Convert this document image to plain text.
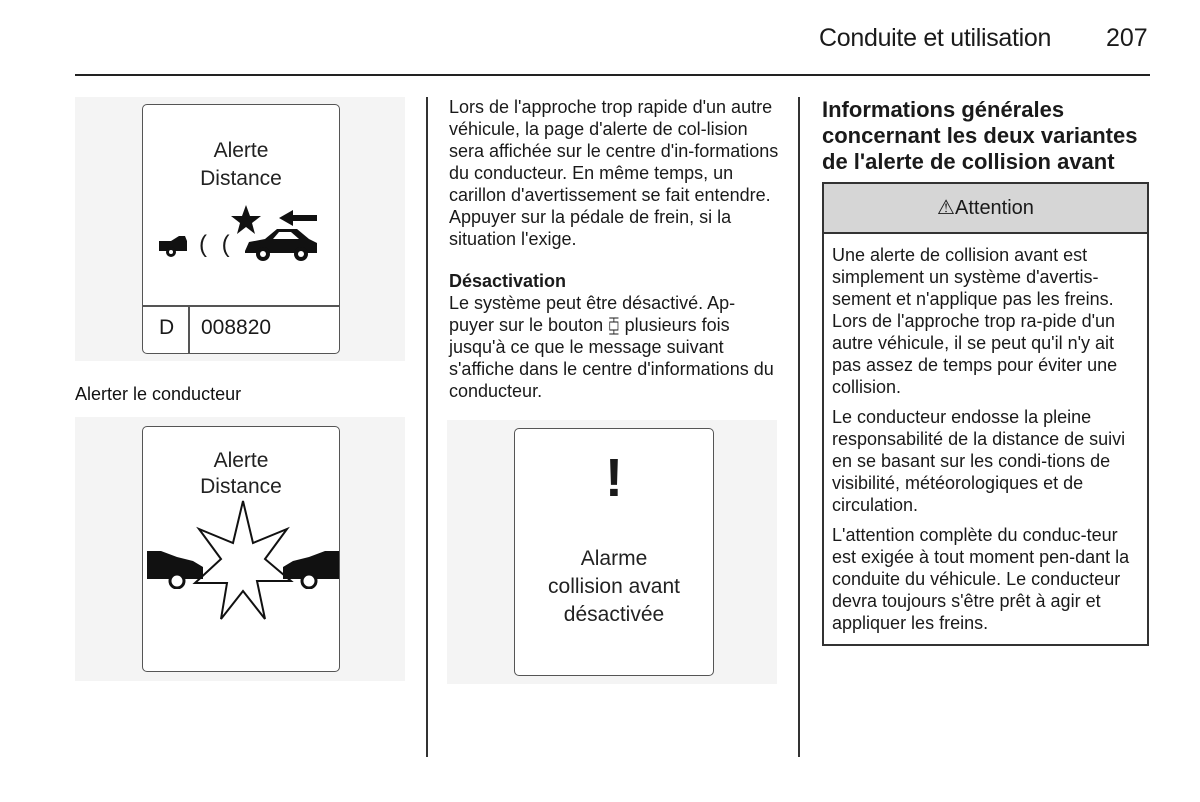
Conduite et utilisation 207
Alerte
Distance
( (
D 008820
Alerter le conducteur
Alerte
Distance
Lors de l'approche trop rapide d'un autre véhicule, la page d'alerte de col-lision sera affichée sur le centre d'in-formations du conducteur. En même temps, un carillon d'avertissement se fait entendre. Appuyer sur la pédale de frein, si la situation l'exige.
Désactivation
Le système peut être désactivé. Ap-puyer sur le bouton ⧮ plusieurs fois jusqu'à ce que le message suivant s'affiche dans le centre d'informations du conducteur.
!
Alarme
collision avant
désactivée
Informations générales concernant les deux variantes de l'alerte de collision avant
⚠Attention

Une alerte de collision avant est simplement un système d'avertis-sement et n'applique pas les freins. Lors de l'approche trop ra-pide d'un autre véhicule, il se peut qu'il n'y ait pas assez de temps pour éviter une collision.

Le conducteur endosse la pleine responsabilité de la distance de suivi en se basant sur les condi-tions de visibilité, météorologiques et de circulation.

L'attention complète du conduc-teur est exigée à tout moment pen-dant la conduite du véhicule. Le conducteur devra toujours s'être prêt à agir et appliquer les freins.
